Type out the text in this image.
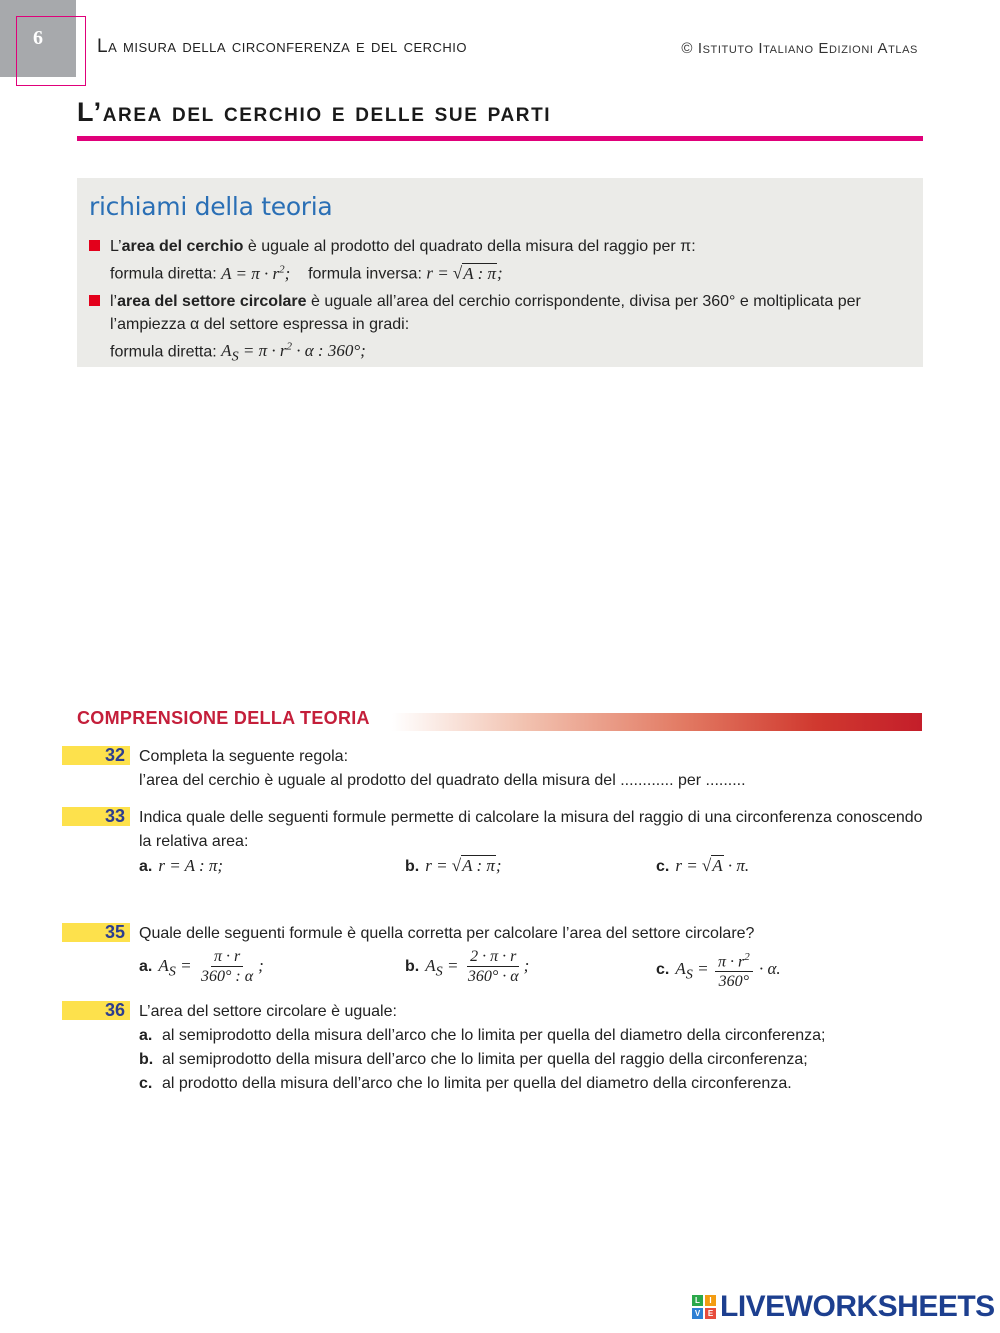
6	La misura della circonferenza e del cerchio	© Istituto Italiano Edizioni Atlas
L’area del cerchio e delle sue parti
richiami della teoria
L’area del cerchio è uguale al prodotto del quadrato della misura del raggio per π:
formula diretta: $A = \pi \cdot r^2$; formula inversa: r = √A : π;
l’area del settore circolare è uguale all’area del cerchio corrispondente, divisa per 360° e moltiplicata per l’ampiezza α del settore espressa in gradi:
formula diretta: $A_S = \pi \cdot r^2 \cdot \alpha$ : 360°;
COMPRENSIONE DELLA TEORIA
32 Completa la seguente regola:
l’area del cerchio è uguale al prodotto del quadrato della misura del ............ per .........
33 Indica quale delle seguenti formule permette di calcolare la misura del raggio di una circonferenza conoscendo la relativa area:
a. r = A : π;	b. r = √A : π;	c. r = √A · π.
35 Quale delle seguenti formule è quella corretta per calcolare l’area del settore circolare?
a. $A_S = \frac{\pi \cdot r}{360^\circ : \alpha}$ ;	b. $A_S = \frac{2 \cdot \pi \cdot r}{360^\circ \cdot \alpha}$ ;	c. $A_S = \frac{\pi \cdot r^2}{360^\circ} \cdot \alpha$.
36 L’area del settore circolare è uguale:
a. al semiprodotto della misura dell’arco che lo limita per quella del diametro della circonferenza;
b. al semiprodotto della misura dell’arco che lo limita per quella del raggio della circonferenza;
c. al prodotto della misura dell’arco che lo limita per quella del diametro della circonferenza.
L	I
V E LIVEWORKSHEETS
